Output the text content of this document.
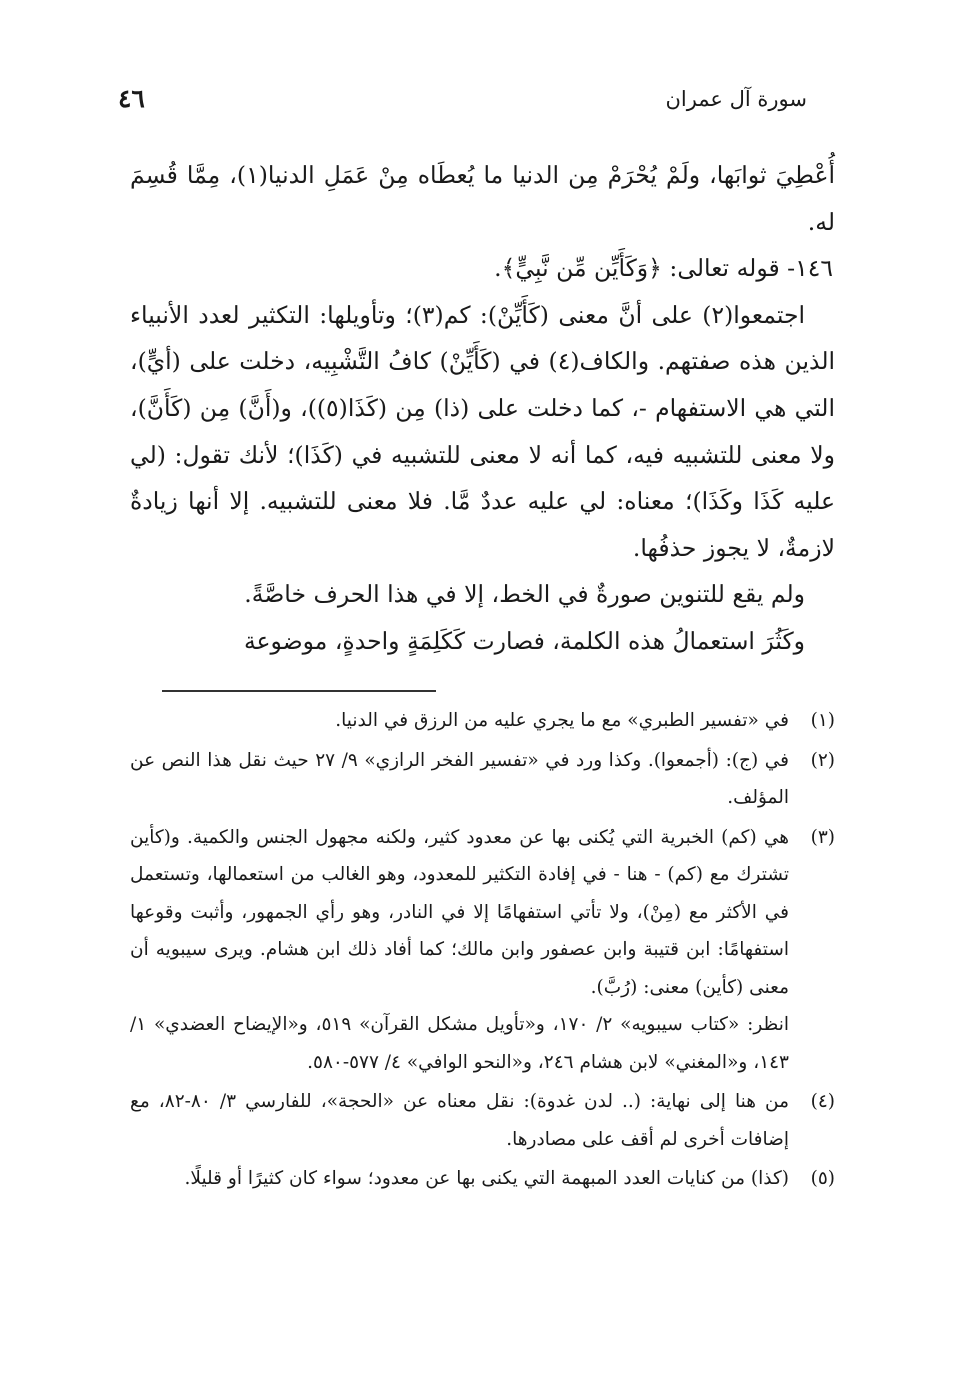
سورة آل عمران
٤٦

أُعْطِيَ ثوابَها، ولَمْ يُحْرَمْ مِن الدنيا ما يُعطَاه مِنْ عَمَلِ الدنيا(١)، مِمَّا قُسِمَ له.

١٤٦- قوله تعالى: ﴿وَكَأَيِّن مِّن نَّبِيٍّ﴾.

اجتمعوا(٢) على أنَّ معنى (كَأَيِّنْ): كم(٣)؛ وتأويلها: التكثير لعدد الأنبياء الذين هذه صفتهم. والكاف(٤) في (كَأَيِّنْ) كافُ التَّشْبِيه، دخلت على (أيٍّ)، التي هي الاستفهام -، كما دخلت على (ذا) مِن (كَذَا(٥))، و(أَنَّ) مِن (كَأَنَّ)، ولا معنى للتشبيه فيه، كما أنه لا معنى للتشبيه في (كَذَا)؛ لأنك تقول: (لي عليه كَذَا وكَذَا)؛ معناه: لي عليه عددٌ مَّا. فلا معنى للتشبيه. إلا أنها زيادةٌ لازمةٌ، لا يجوز حذفُها.

ولم يقع للتنوين صورةٌ في الخط، إلا في هذا الحرف خاصَّةً.

وكَثُرَ استعمالُ هذه الكلمة، فصارت كَكَلِمَةٍ واحدةٍ، موضوعة

(١)

في «تفسير الطبري» مع ما يجري عليه من الرزق في الدنيا.

(٢)

في (ج): (أجمعوا). وكذا ورد في «تفسير الفخر الرازي» ٩/ ٢٧ حيث نقل هذا النص عن المؤلف.

(٣)

هي (كم) الخبرية التي يُكنى بها عن معدود كثير، ولكنه مجهول الجنس والكمية. و(كأين تشترك مع (كم) - هنا - في إفادة التكثير للمعدود، وهو الغالب من استعمالها، وتستعمل في الأكثر مع (مِنْ)، ولا تأتي استفهامًا إلا في النادر، وهو رأي الجمهور، وأثبت وقوعها استفهامًا: ابن قتيبة وابن عصفور وابن مالك؛ كما أفاد ذلك ابن هشام. ويرى سيبويه أن معنى (كأين) معنى: (رُبَّ).

انظر: «كتاب سيبويه» ٢/ ١٧٠، و«تأويل مشكل القرآن» ٥١٩، و«الإيضاح العضدي» ١/ ١٤٣، و«المغني» لابن هشام ٢٤٦، و«النحو الوافي» ٤/ ٥٧٧-٥٨٠.

(٤)

من هنا إلى نهاية: (.. لدن غدوة): نقل معناه عن «الحجة»، للفارسي ٣/ ٨٠-٨٢، مع إضافات أخرى لم أقف على مصادرها.

(٥)

(كذا) من كنايات العدد المبهمة التي يكنى بها عن معدود؛ سواء كان كثيرًا أو قليلًا.
